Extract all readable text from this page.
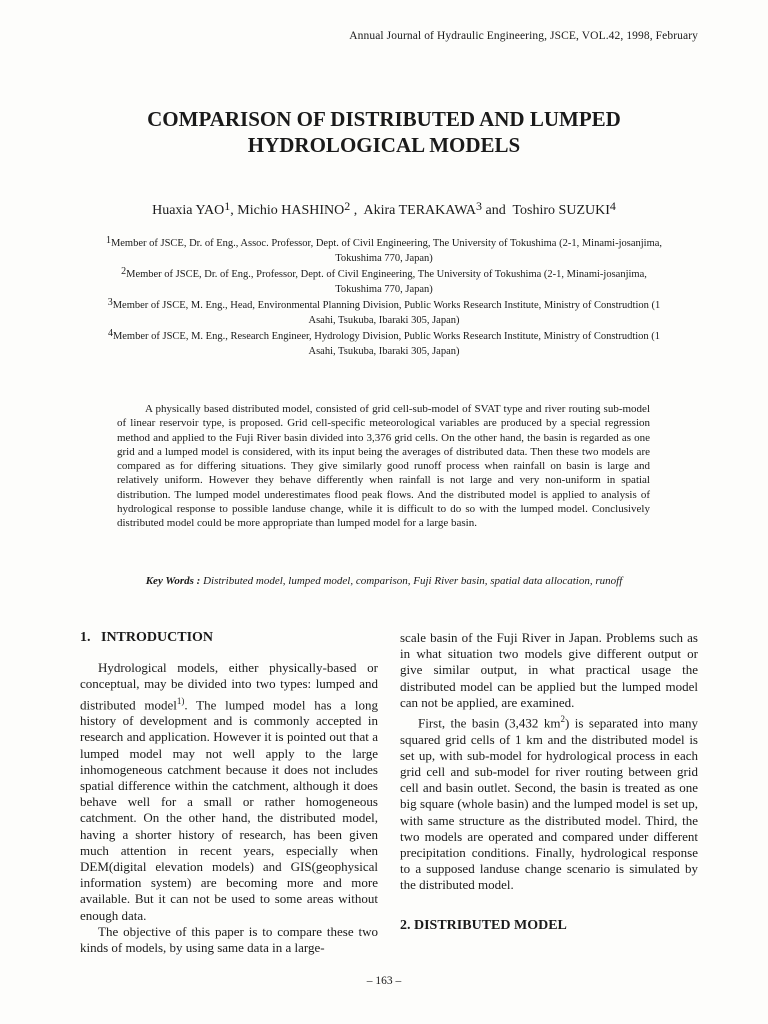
Annual Journal of Hydraulic Engineering, JSCE, VOL.42, 1998, February
COMPARISON OF DISTRIBUTED AND LUMPED
HYDROLOGICAL MODELS
Huaxia YAO$^1$, Michio HASHINO$^2$ ,  Akira TERAKAWA$^3$ and  Toshiro SUZUKI$^4$
$^1$Member of JSCE, Dr. of Eng., Assoc. Professor, Dept. of Civil Engineering, The University of Tokushima (2-1, Minami-josanjima, Tokushima 770, Japan)
$^2$Member of JSCE, Dr. of Eng., Professor, Dept. of Civil Engineering, The University of Tokushima (2-1, Minami-josanjima, Tokushima 770, Japan)
$^3$Member of JSCE, M. Eng., Head, Environmental Planning Division, Public Works Research Institute, Ministry of Construdtion (1 Asahi, Tsukuba, Ibaraki 305, Japan)
$^4$Member of JSCE, M. Eng., Research Engineer, Hydrology Division, Public Works Research Institute, Ministry of Construdtion (1 Asahi, Tsukuba, Ibaraki 305, Japan)

A physically based distributed model, consisted of grid cell-sub-model of SVAT type and river routing sub-model of linear reservoir type, is proposed. Grid cell-specific meteorological variables are produced by a special regression method and applied to the Fuji River basin divided into 3,376 grid cells. On the other hand, the basin is regarded as one grid and a lumped model is considered, with its input being the averages of distributed data. Then these two models are compared as for differing situations. They give similarly good runoff process when rainfall on basin is large and relatively uniform. However they behave differently when rainfall is not large and very non-uniform in spatial distribution. The lumped model underestimates flood peak flows. And the distributed model is applied to analysis of hydrological response to possible landuse change, while it is difficult to do so with the lumped model. Conclusively distributed model could be more appropriate than lumped model for a large basin.

Key Words : Distributed model, lumped model, comparison, Fuji River basin, spatial data allocation, runoff
1.   INTRODUCTION

Hydrological models, either physically-based or conceptual, may be divided into two types: lumped and distributed model$^{1)}$. The lumped model has a long history of development and is commonly accepted in research and application. However it is pointed out that a lumped model may not well apply to the large inhomogeneous catchment because it does not includes spatial difference within the catchment, although it does behave well for a small or rather homogeneous catchment. On the other hand, the distributed model, having a shorter history of research, has been given much attention in recent years, especially when DEM(digital elevation models) and GIS(geophysical information system) are becoming more and more available. But it can not be used to some areas without enough data.

The objective of this paper is to compare these two kinds of models, by using same data in a large-

scale basin of the Fuji River in Japan. Problems such as in what situation two models give different output or give similar output, in what practical usage the distributed model can be applied but the lumped model can not be applied, are examined.

First, the basin (3,432 $km^2$) is separated into many squared grid cells of 1 km and the distributed model is set up, with sub-model for hydrological process in each grid cell and sub-model for river routing between grid cell and basin outlet. Second, the basin is treated as one big square (whole basin) and the lumped model is set up, with same structure as the distributed model. Third, the two models are operated and compared under different precipitation conditions. Finally, hydrological response to a supposed landuse change scenario is simulated by the distributed model.

2. DISTRIBUTED MODEL
– 163 –
